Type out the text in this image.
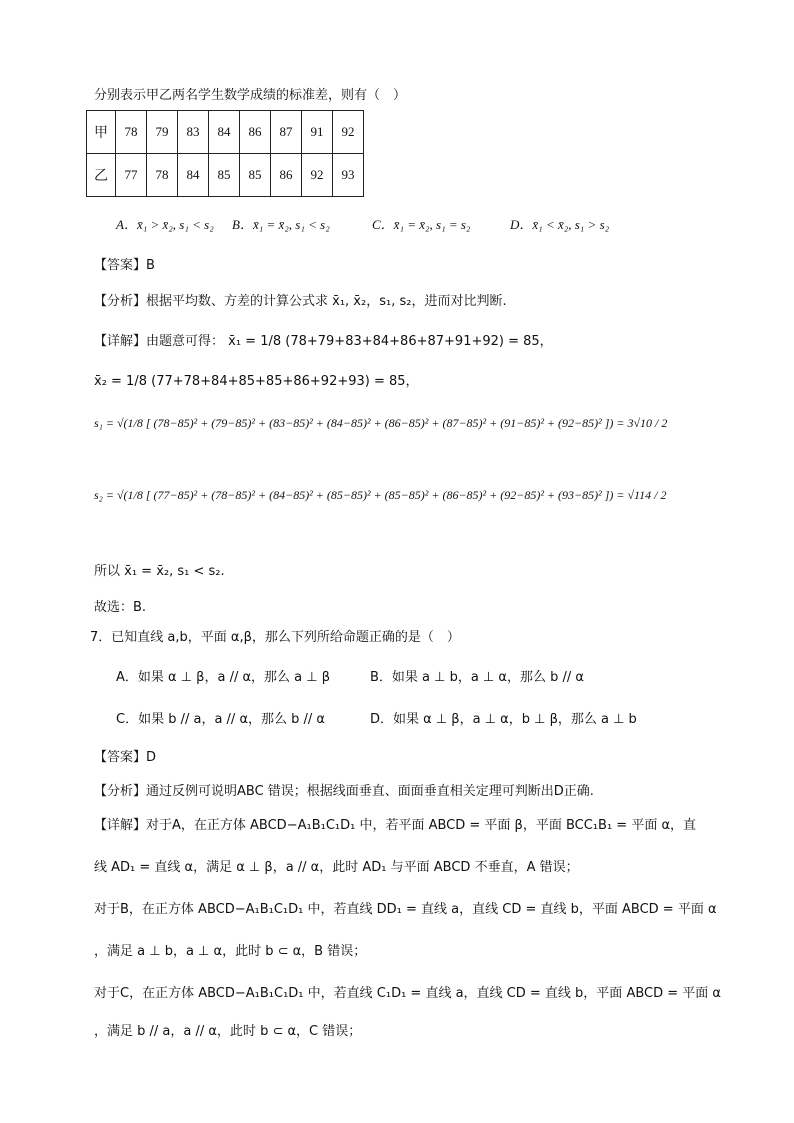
分别表示甲乙两名学生数学成绩的标准差，则有（　）
甲	78	79	83	84	86	87	91	92
乙	77	78	84	85	85	86	92	93
A．x̄₁ > x̄₂, s₁ < s₂ B．x̄₁ = x̄₂, s₁ < s₂	C．x̄₁ = x̄₂, s₁ = s₂	D．x̄₁ < x̄₂, s₁ > s₂
【答案】B
【分析】根据平均数、方差的计算公式求 x̄₁, x̄₂，s₁, s₂，进而对比判断.
【详解】由题意可得： x̄₁ = 1/8 (78+79+83+84+86+87+91+92) = 85，
x̄₂ = 1/8 (77+78+84+85+85+86+92+93) = 85，
s₁ = √(1/8 [ (78−85)² + (79−85)² + (83−85)² + (84−85)² + (86−85)² + (87−85)² + (91−85)² + (92−85)² ]) = 3√10 / 2
s₂ = √(1/8 [ (77−85)² + (78−85)² + (84−85)² + (85−85)² + (85−85)² + (86−85)² + (92−85)² + (93−85)² ]) = √114 / 2
所以 x̄₁ = x̄₂, s₁ < s₂.
故选：B.
7．已知直线 a,b，平面 α,β，那么下列所给命题正确的是（　）
A．如果 α ⊥ β，a // α，那么 a ⊥ β	B．如果 a ⊥ b，a ⊥ α，那么 b // α
C．如果 b // a，a // α，那么 b // α	D．如果 α ⊥ β，a ⊥ α，b ⊥ β，那么 a ⊥ b
【答案】D
【分析】通过反例可说明ABC 错误；根据线面垂直、面面垂直相关定理可判断出D正确.
【详解】对于A，在正方体 ABCD−A₁B₁C₁D₁ 中，若平面 ABCD = 平面 β，平面 BCC₁B₁ = 平面 α，直
线 AD₁ = 直线 α，满足 α ⊥ β，a // α，此时 AD₁ 与平面 ABCD 不垂直，A 错误；
对于B，在正方体 ABCD−A₁B₁C₁D₁ 中，若直线 DD₁ = 直线 a，直线 CD = 直线 b，平面 ABCD = 平面 α
，满足 a ⊥ b，a ⊥ α，此时 b ⊂ α，B 错误；
对于C，在正方体 ABCD−A₁B₁C₁D₁ 中，若直线 C₁D₁ = 直线 a，直线 CD = 直线 b，平面 ABCD = 平面 α
，满足 b // a，a // α，此时 b ⊂ α，C 错误；
